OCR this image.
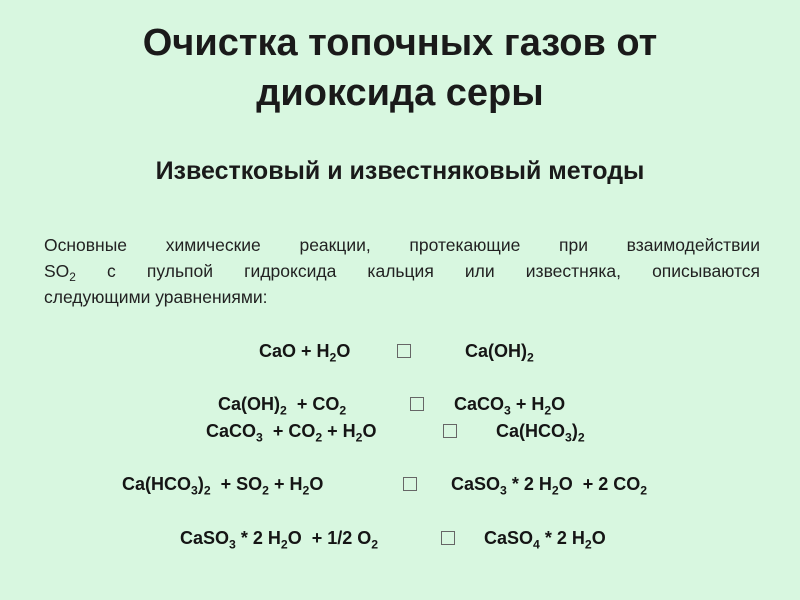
Очистка топочных газов от
диоксида серы
Известковый и известняковый методы
Основные химические реакции, протекающие при взаимодействии
$SO_2$ с пульпой гидроксида кальция или известняка, описываются
следующими уравнениями:
CaO + $H_2O$	$Ca(OH)_2$
$Ca(OH)_2 + CO_2$	CaCO$_3$ + $H_2O$
CaCO$_3$  + $CO_2 + H_2O$	$Ca(HCO_3)_2$
$Ca(HCO_3)_2 + SO_2 + H_2O$	CaSO$_3$ * 2 $H_2O + 2$ $CO_2$
CaSO$_3$ * 2 $H_2O + 1/2$ $O_2$	CaSO$_4$ * 2 $H_2O$
